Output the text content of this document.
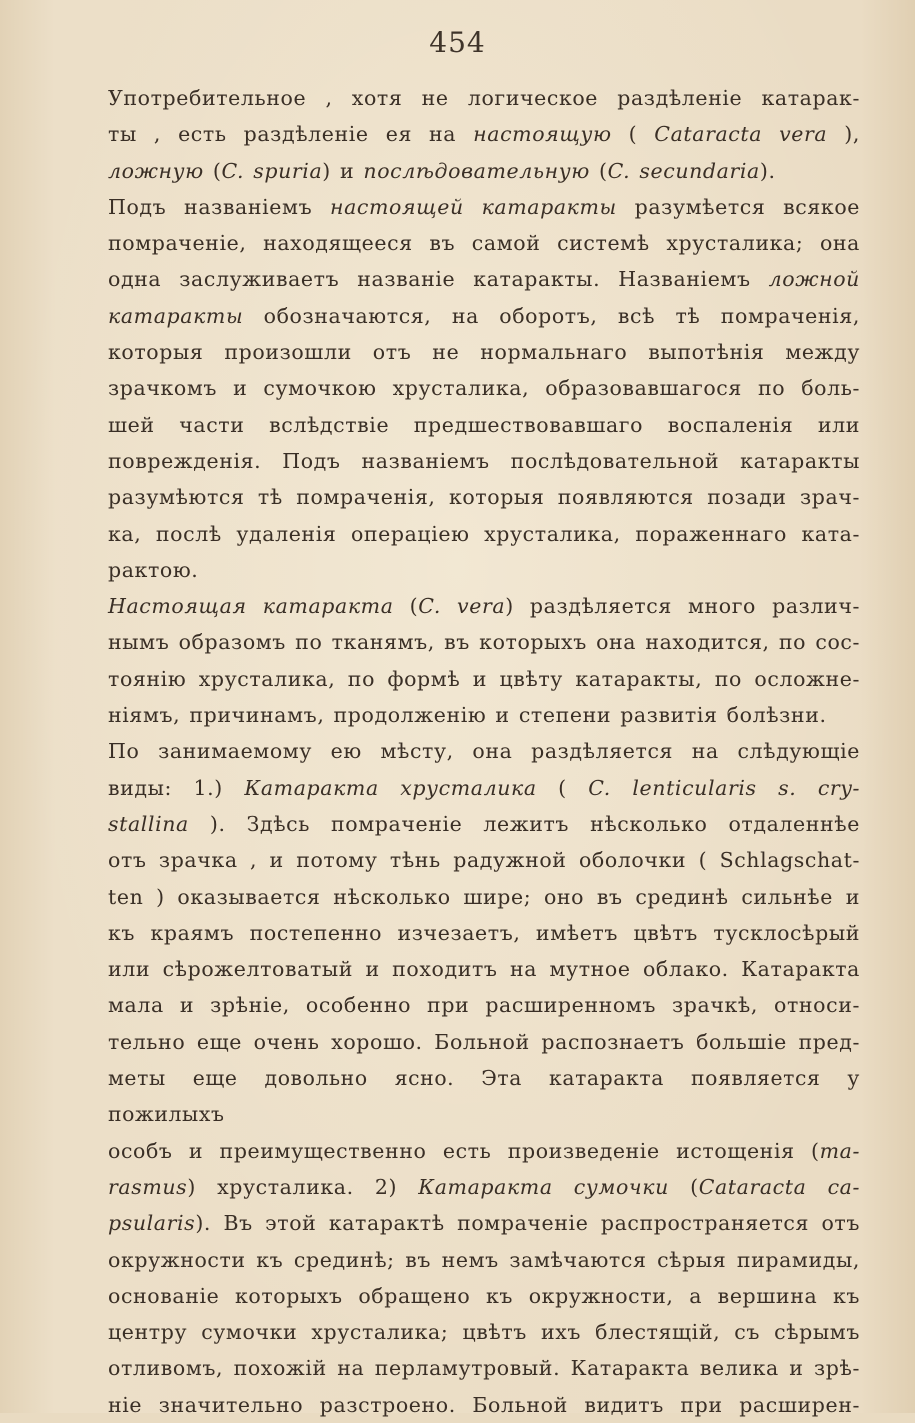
454
Употребительное , хотя не логическое раздѣленіе катарак-
ты , есть раздѣленіе ея на настоящую ( Cataracta vera ),
ложную (C. spuria) и послѣдовательную (C. secundaria).
Подъ названіемъ настоящей катаракты разумѣется всякое
помраченіе, находящееся въ самой системѣ хрусталика; она
одна заслуживаетъ названіе катаракты. Названіемъ ложной
катаракты обозначаются, на оборотъ, всѣ тѣ помраченія,
которыя произошли отъ не нормальнаго выпотѣнія между
зрачкомъ и сумочкою хрусталика, образовавшагося по боль-
шей части вслѣдствіе предшествовавшаго воспаленія или
поврежденія. Подъ названіемъ послѣдовательной катаракты
разумѣются тѣ помраченія, которыя появляются позади зрач-
ка, послѣ удаленія операціею хрусталика, пораженнаго ката-
рактою.
Настоящая катаракта (C. vera) раздѣляется много различ-
нымъ образомъ по тканямъ, въ которыхъ она находится, по сос-
тоянію хрусталика, по формѣ и цвѣту катаракты, по осложне-
ніямъ, причинамъ, продолженію и степени развитія болѣзни.
По занимаемому ею мѣсту, она раздѣляется на слѣдующіе
виды: 1.) Катаракта хрусталика ( C. lenticularis s. cry-
stallina ). Здѣсь помраченіе лежитъ нѣсколько отдаленнѣе
отъ зрачка , и потому тѣнь радужной оболочки ( Schlagschat-
ten ) оказывается нѣсколько шире; оно въ срединѣ сильнѣе и
къ краямъ постепенно изчезаетъ, имѣетъ цвѣтъ тусклосѣрый
или сѣрожелтоватый и походитъ на мутное облако. Катаракта
мала и зрѣніе, особенно при расширенномъ зрачкѣ, относи-
тельно еще очень хорошо. Больной распознаетъ большіе пред-
меты еще довольно ясно. Эта катаракта появляется у пожилыхъ
особъ и преимущественно есть произведеніе истощенія (ma-
rasmus) хрусталика. 2) Катаракта сумочки (Cataracta ca-
psularis). Въ этой катарактѣ помраченіе распространяется отъ
окружности къ срединѣ; въ немъ замѣчаются сѣрыя пирамиды,
основаніе которыхъ обращено къ окружности, а вершина къ
центру сумочки хрусталика; цвѣтъ ихъ блестящій, съ сѣрымъ
отливомъ, похожій на перламутровый. Катаракта велика и зрѣ-
ніе значительно разстроено. Больной видитъ при расширен-
